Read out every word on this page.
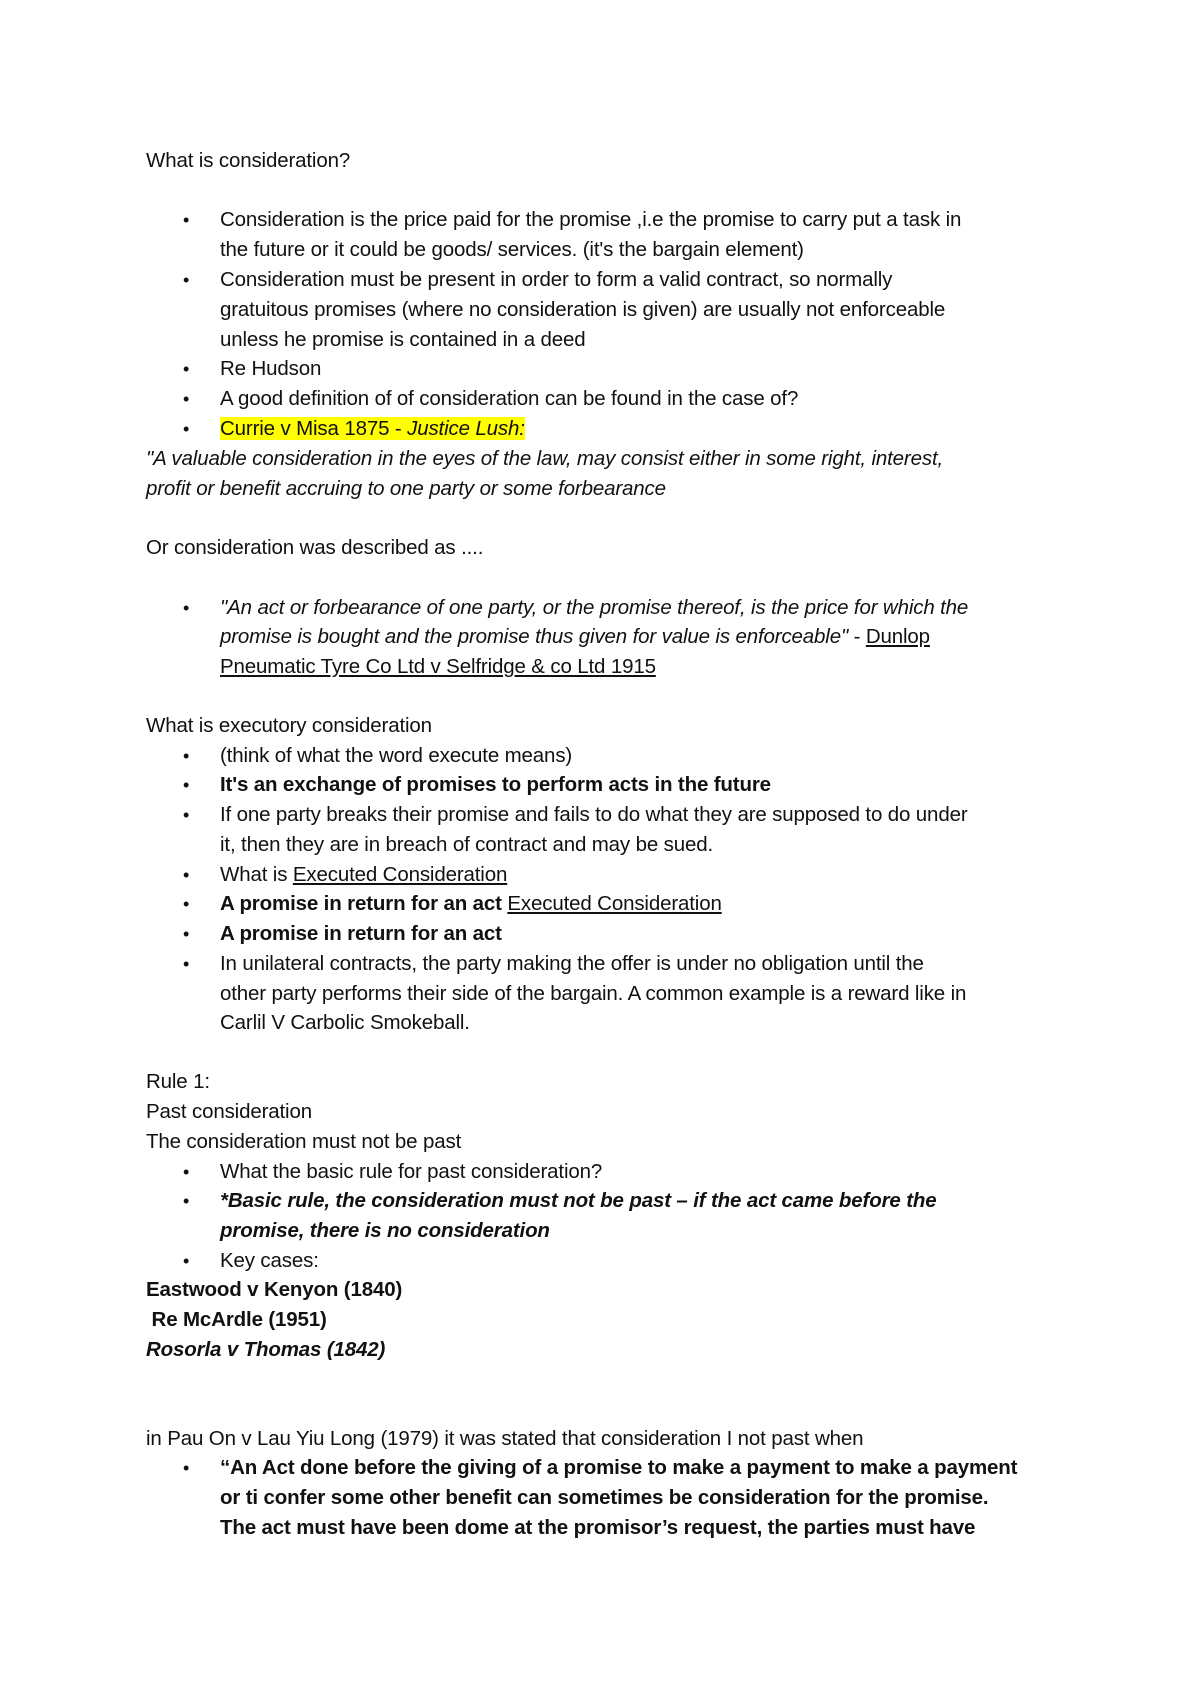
What is consideration?
• Consideration is the price paid for the promise ,i.e the promise to carry put a task in
the future or it could be goods/ services. (it's the bargain element)
• Consideration must be present in order to form a valid contract, so normally
gratuitous promises (where no consideration is given) are usually not enforceable
unless he promise is contained in a deed
• Re Hudson
• A good definition of of consideration can be found in the case of?
• Currie v Misa 1875 - Justice Lush:
"A valuable consideration in the eyes of the law, may consist either in some right, interest,
profit or benefit accruing to one party or some forbearance
Or consideration was described as ....
• "An act or forbearance of one party, or the promise thereof, is the price for which the
promise is bought and the promise thus given for value is enforceable" - Dunlop
Pneumatic Tyre Co Ltd v Selfridge & co Ltd 1915
What is executory consideration
• (think of what the word execute means)
• It's an exchange of promises to perform acts in the future
• If one party breaks their promise and fails to do what they are supposed to do under
it, then they are in breach of contract and may be sued.
• What is Executed Consideration
• A promise in return for an act Executed Consideration
• A promise in return for an act
• In unilateral contracts, the party making the offer is under no obligation until the
other party performs their side of the bargain. A common example is a reward like in
Carlil V Carbolic Smokeball.
Rule 1:
Past consideration
The consideration must not be past
• What the basic rule for past consideration?
• *Basic rule, the consideration must not be past – if the act came before the
promise, there is no consideration
• Key cases:
Eastwood v Kenyon (1840)
Re McArdle (1951)
Rosorla v Thomas (1842)
in Pau On v Lau Yiu Long (1979) it was stated that consideration I not past when
• “An Act done before the giving of a promise to make a payment to make a payment
or ti confer some other benefit can sometimes be consideration for the promise.
The act must have been dome at the promisor’s request, the parties must have
